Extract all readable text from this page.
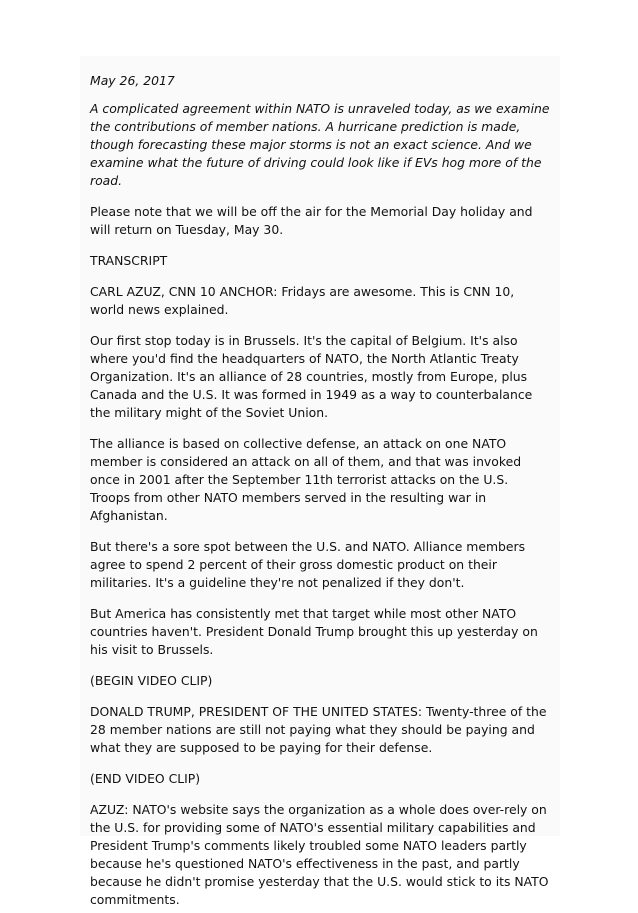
May 26, 2017

A complicated agreement within NATO is unraveled today, as we examine the contributions of member nations. A hurricane prediction is made, though forecasting these major storms is not an exact science. And we examine what the future of driving could look like if EVs hog more of the road.

Please note that we will be off the air for the Memorial Day holiday and will return on Tuesday, May 30.

TRANSCRIPT

CARL AZUZ, CNN 10 ANCHOR: Fridays are awesome. This is CNN 10, world news explained.

Our first stop today is in Brussels. It's the capital of Belgium. It's also where you'd find the headquarters of NATO, the North Atlantic Treaty Organization. It's an alliance of 28 countries, mostly from Europe, plus Canada and the U.S. It was formed in 1949 as a way to counterbalance the military might of the Soviet Union.

The alliance is based on collective defense, an attack on one NATO member is considered an attack on all of them, and that was invoked once in 2001 after the September 11th terrorist attacks on the U.S. Troops from other NATO members served in the resulting war in Afghanistan.

But there's a sore spot between the U.S. and NATO. Alliance members agree to spend 2 percent of their gross domestic product on their militaries. It's a guideline they're not penalized if they don't.

But America has consistently met that target while most other NATO countries haven't. President Donald Trump brought this up yesterday on his visit to Brussels.

(BEGIN VIDEO CLIP)

DONALD TRUMP, PRESIDENT OF THE UNITED STATES: Twenty-three of the 28 member nations are still not paying what they should be paying and what they are supposed to be paying for their defense.

(END VIDEO CLIP)

AZUZ: NATO's website says the organization as a whole does over-rely on the U.S. for providing some of NATO's essential military capabilities and President Trump's comments likely troubled some NATO leaders partly because he's questioned NATO's effectiveness in the past, and partly because he didn't promise yesterday that the U.S. would stick to its NATO commitments.
